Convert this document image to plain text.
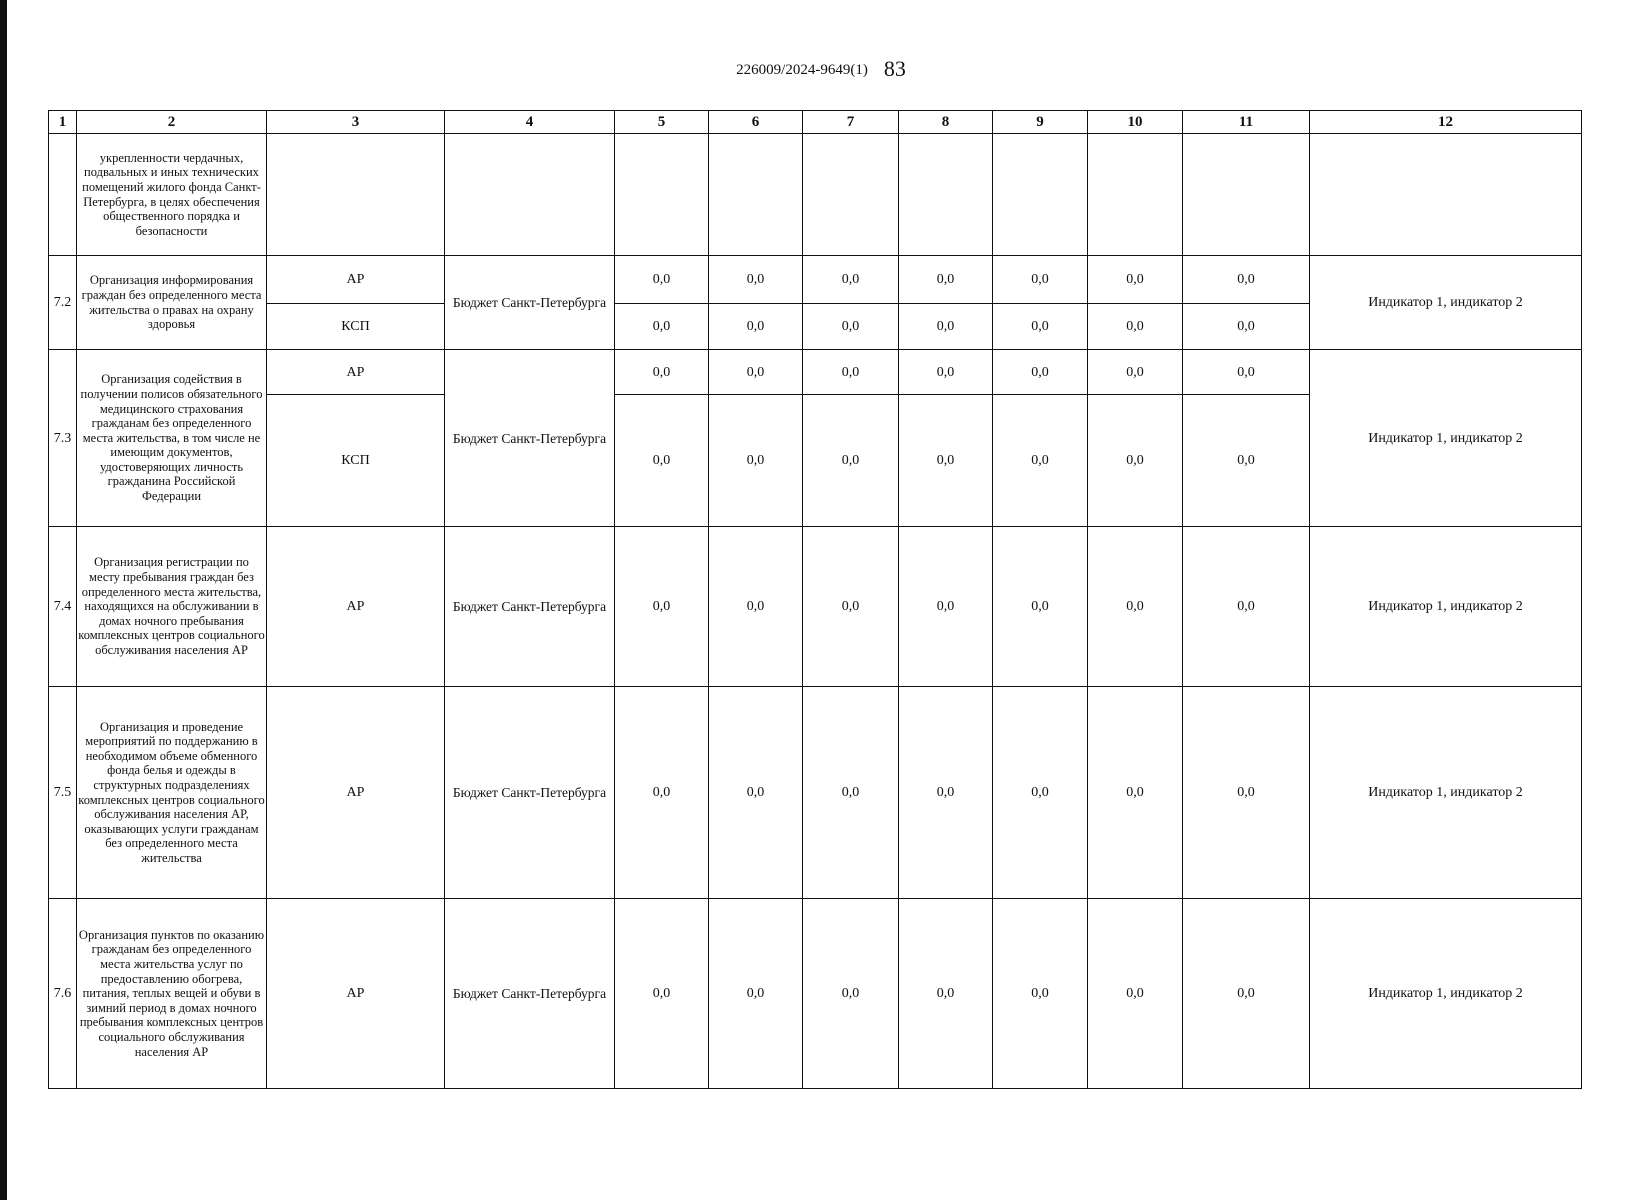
226009/2024-9649(1) 83
1	2	3	4	5	6	7	8	9	10	11	12
	укрепленности чердачных, подвальных и иных технических помещений жилого фонда Санкт-Петербурга, в целях обеспечения общественного порядка и безопасности										
7.2	Организация информирования граждан без определенного места жительства о правах на охрану здоровья	АР	Бюджет Санкт-Петербурга	0,0	0,0	0,0	0,0	0,0	0,0	0,0	Индикатор 1, индикатор 2
		КСП		0,0	0,0	0,0	0,0	0,0	0,0	0,0	
7.3	Организация содействия в получении полисов обязательного медицинского страхования гражданам без определенного места жительства, в том числе не имеющим документов, удостоверяющих личность гражданина Российской Федерации	АР	Бюджет Санкт-Петербурга	0,0	0,0	0,0	0,0	0,0	0,0	0,0	Индикатор 1, индикатор 2
		КСП		0,0	0,0	0,0	0,0	0,0	0,0	0,0	
7.4	Организация регистрации по месту пребывания граждан без определенного места жительства, находящихся на обслуживании в домах ночного пребывания комплексных центров социального обслуживания населения АР	АР	Бюджет Санкт-Петербурга	0,0	0,0	0,0	0,0	0,0	0,0	0,0	Индикатор 1, индикатор 2
7.5	Организация и проведение мероприятий по поддержанию в необходимом объеме обменного фонда белья и одежды в структурных подразделениях комплексных центров социального обслуживания населения АР, оказывающих услуги гражданам без определенного места жительства	АР	Бюджет Санкт-Петербурга	0,0	0,0	0,0	0,0	0,0	0,0	0,0	Индикатор 1, индикатор 2
7.6	Организация пунктов по оказанию гражданам без определенного места жительства услуг по предоставлению обогрева, питания, теплых вещей и обуви в зимний период в домах ночного пребывания комплексных центров социального обслуживания населения АР	АР	Бюджет Санкт-Петербурга	0,0	0,0	0,0	0,0	0,0	0,0	0,0	Индикатор 1, индикатор 2
